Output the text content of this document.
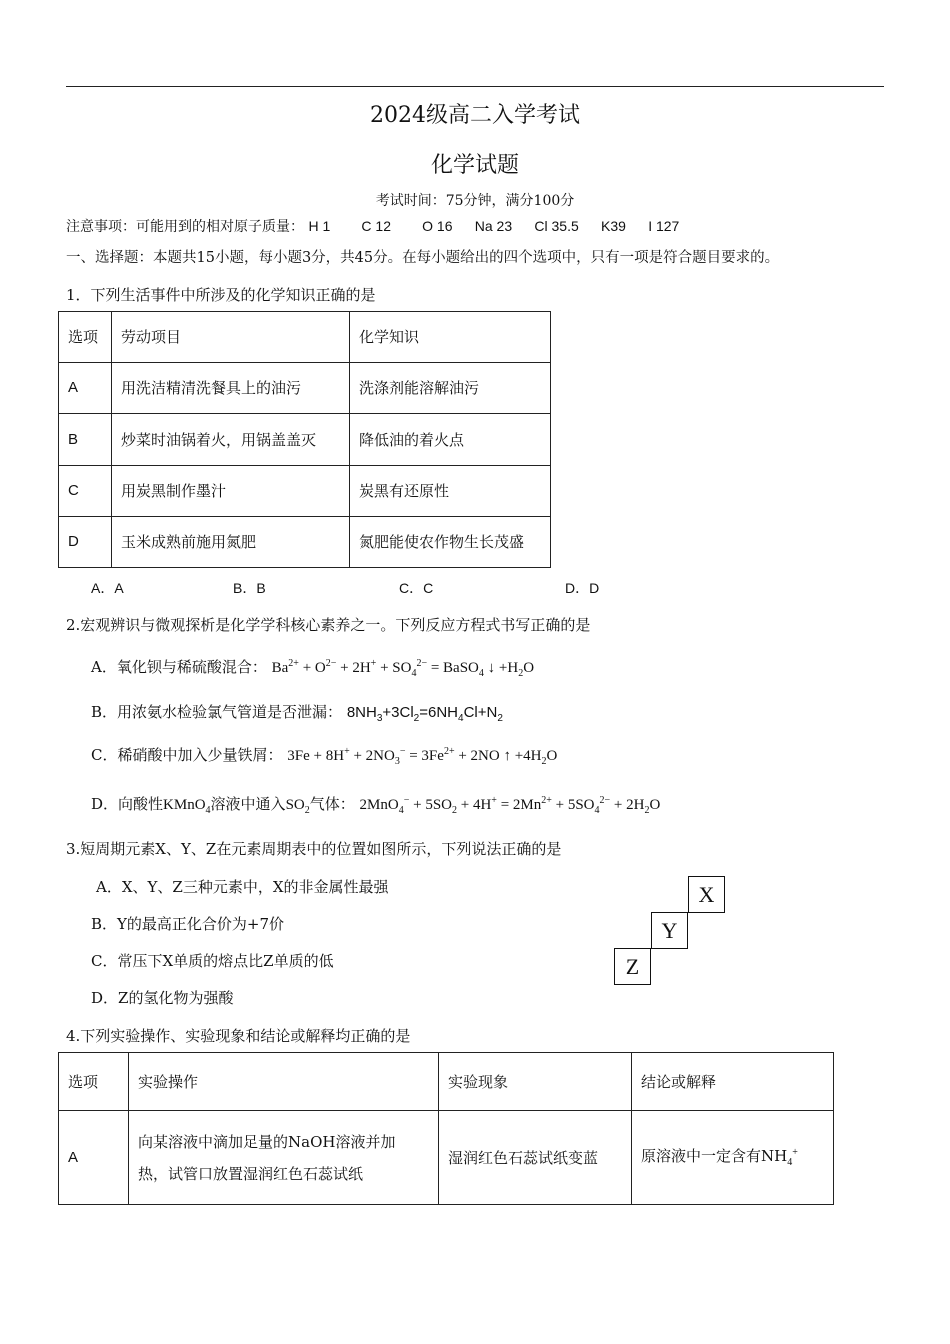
2024级高二入学考试
化学试题
考试时间：75分钟，满分100分
注意事项：可能用到的相对原子质量： H 1 C 12 O 16 Na 23 Cl 35.5 K39 I 127
一、选择题：本题共15小题，每小题3分，共45分。在每小题给出的四个选项中，只有一项是符合题目要求的。
1．下列生活事件中所涉及的化学知识正确的是
选项	劳动项目	化学知识
A	用洗洁精清洗餐具上的油污	洗涤剂能溶解油污
B	炒菜时油锅着火，用锅盖盖灭	降低油的着火点
C	用炭黑制作墨汁	炭黑有还原性
D	玉米成熟前施用氮肥	氮肥能使农作物生长茂盛
A．A	B．B	C．C	D．D
2.宏观辨识与微观探析是化学学科核心素养之一。下列反应方程式书写正确的是
A．氧化钡与稀硫酸混合： $Ba^{2+} + O^{2-} + 2H^+ + SO_4^{2-}$ = BaSO$_4$ ↓ $+H_2O$
B．用浓氨水检验氯气管道是否泄漏： $8NH_3+3Cl_2=6NH_4Cl+N_2$
C．稀硝酸中加入少量铁屑： $3Fe + 8H^+ + 2NO_3^- = 3Fe^{2+} + 2NO$ ↑ $+4H_2O$
D．向酸性KMnO$_4$溶液中通入$SO_2$气体： $2MnO_4^- + 5SO_2 + 4H^+ = 2Mn^{2+} + 5SO_4^{2-} + 2H_2O$
3.短周期元素X、Y、Z在元素周期表中的位置如图所示，下列说法正确的是
A．X、Y、Z三种元素中，X的非金属性最强
B．Y的最高正化合价为+7价
C．常压下X单质的熔点比Z单质的低
D．Z的氢化物为强酸
X
Y
Z
4.下列实验操作、实验现象和结论或解释均正确的是
选项	实验操作	实验现象	结论或解释
A	向某溶液中滴加足量的NaOH溶液并加
热，试管口放置湿润红色石蕊试纸	湿润红色石蕊试纸变蓝	原溶液中一定含有$NH_4^+$
